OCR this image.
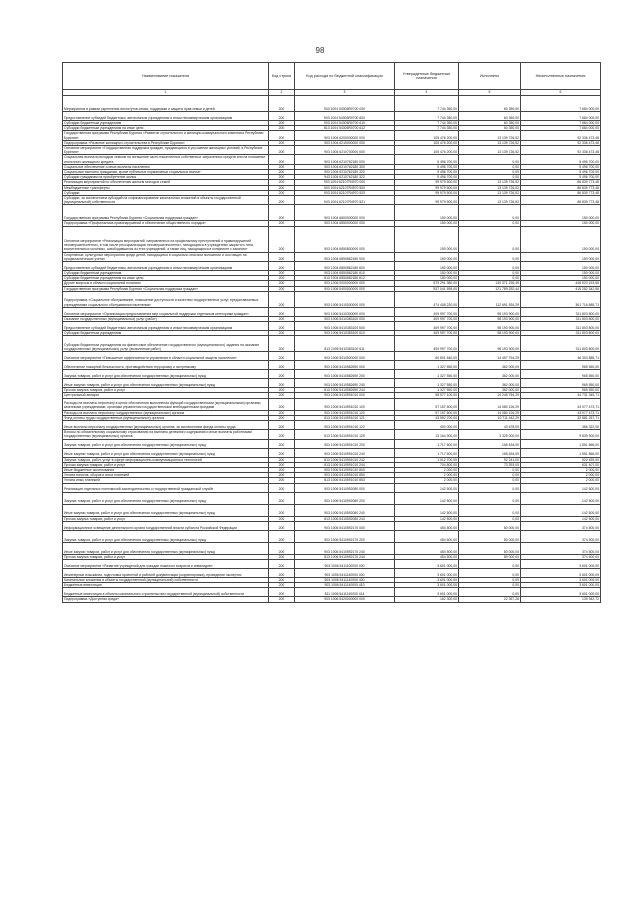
98
Наименование показателя	Код строки	Код расхода по бюджетной классификации	Утвержденные бюджетные назначения	Исполнено	Неисполненные назначения
1	2	3	4	5	6
Мероприятия в рамках укрепления институтов семьи, поддержки и защиты прав семьи и детей	200	903 1004 54306R0700 000	7 744 350,00	60 350,00	7 684 000,00
Предоставление субсидий бюджетным, автономным учреждениям и иным некоммерческим организациям	200	903 1004 54306R0700 600	7 744 350,00	60 350,00	7 684 000,00
Субсидии бюджетным учреждениям	200	903 1004 54306R0700 610	7 744 350,00	60 350,00	7 684 000,00
Субсидии бюджетным учреждениям на иные цели	200	813 1004 54306R0700 612	7 744 350,00	60 350,00	7 684 000,00
Государственная программа Республики Бурятия «Развитие строительного и жилищно-коммунального комплекса Республики Бурятия»	200	903 1004 6200000000 000	105 476 200,00	13 139 726,52	92 336 473,48
Подпрограмма «Развитие жилищного строительства в Республике Бурятия»	200	903 1004 6210000000 000	105 476 200,00	13 139 726,52	92 336 473,48
Основное мероприятие «Государственная поддержка граждан, нуждающихся в улучшении жилищных условий, в Республике Бурятия»	200	903 1004 6210700000 000	105 476 200,00	13 139 726,52	92 336 473,48
Социальная выплата молодым семьям на погашение части накопленных собственных затраченных средств или на погашение ипотечного жилищного кредита	200	903 1004 6210762180 000	5 496 700,00	0,00	5 496 700,00
Социальное обеспечение и иные выплаты населению	200	903 1004 6210762180 300	5 496 700,00	0,00	5 496 700,00
Социальные выплаты гражданам, кроме публичных нормативных социальных выплат	200	903 1004 6210762180 320	5 496 700,00	0,00	5 496 700,00
Субсидии гражданам на приобретение жилья	200	943 1004 6210762180 322	5 496 700,00	0,00	5 496 700,00
Реализация мероприятий по обеспечению жильем молодых семей	200	903 1004 62107R4970 000	99 979 500,00	13 139 726,52	86 839 773,48
Межбюджетные трансферты	200	903 1004 62107R4970 500	99 979 500,00	13 139 726,52	86 839 773,48
Субсидии	200	903 1004 62107R4970 520	99 979 500,00	13 139 726,52	86 839 773,48
Субсидии, за исключением субсидий на софинансирование капитальных вложений в объекты государственной (муниципальной) собственности	200	943 1004 62107R4970 521	99 979 500,00	13 139 726,52	86 839 773,48
Государственная программа Республики Бурятия «Социальная поддержка граждан»	200	903 1004 6800000000 000	150 000,00	0,00	150 000,00
Подпрограмма «Профилактика правонарушений и обеспечение общественного порядка»	200	903 1004 6850000000 000	150 000,00	0,00	150 000,00
Основное мероприятие «Реализация мероприятий, направленных на профилактику преступлений и правонарушений несовершеннолетних, в том числе ресоциализацию несовершеннолетних, находящихся в учреждениях закрытого типа, воспитательных колониях, освободившихся из этих учреждений, а также лиц, находящихся в конфликте с законом»	200	903 1004 6850800000 000	150 000,00	0,00	150 000,00
Спортивные, культурные мероприятия среди детей, находящихся в социально опасном положении и состоящих на профилактических учетах	200	903 1004 6850862180 000	150 000,00	0,00	150 000,00
Предоставление субсидий бюджетным, автономным учреждениям и иным некоммерческим организациям	200	903 1004 6850862180 600	150 000,00	0,00	150 000,00
Субсидии бюджетным учреждениям	200	903 1004 6850862180 610	150 000,00	0,00	150 000,00
Субсидии бюджетным учреждениям на иные цели	200	813 1004 6850862180 612	150 000,00	0,00	150 000,00
Другие вопросы в области социальной политики	200	903 1006 0000000000 000	579 291 380,00	130 371 226,45	448 920 153,55
Государственная программа Республики Бурятия «Социальная поддержка граждан»	200	903 1006 5400000000 000	537 041 595,00	121 789 252,44	415 252 342,56
Подпрограмма «Социальное обслуживание, повышение доступности и качества государственных услуг, предоставляемых учреждениями социального обслуживания населения»	200	903 1006 5410000000 000	474 408 220,00	112 691 534,29	361 716 685,71
Основное мероприятие «Организация предоставления мер социальной поддержки отдельным категориям граждан»	200	903 1006 5410300000 000	409 997 700,00	98 193 900,00	311 803 800,00
Оказание государственных (муниципальных) услуг (работ)	200	903 1006 5410383100 000	409 997 700,00	98 193 900,00	311 803 800,00
Предоставление субсидий бюджетным, автономным учреждениям и иным некоммерческим организациям	200	903 1006 5410383100 600	409 997 700,00	98 193 900,00	311 803 800,00
Субсидии бюджетным учреждениям	200	903 1006 5410383100 610	409 997 700,00	98 193 900,00	311 803 800,00
Субсидии бюджетным учреждениям на финансовое обеспечение государственного (муниципального) задания на оказание государственных (муниципальных) услуг (выполнение работ)	200	813 1006 5410383100 611	409 997 700,00	98 193 900,00	311 803 800,00
Основное мероприятие «Повышение эффективности управления в области социальной защиты населения»	200	903 1006 5410500000 000	60 801 640,00	14 497 754,29	46 303 885,71
Обеспечение пожарной безопасности, противодействия терроризму и экстремизму	200	903 1006 5410582690 000	1 327 550,00	362 000,00	965 550,00
Закупка товаров, работ и услуг для обеспечения государственных (муниципальных) нужд	200	903 1006 5410582690 200	1 327 550,00	362 000,00	965 550,00
Иные закупки товаров, работ и услуг для обеспечения государственных (муниципальных) нужд	200	903 1006 5410582690 240	1 327 550,00	362 000,00	965 550,00
Прочая закупка товаров, работ и услуг	200	813 1006 5410582690 244	1 327 550,00	362 000,00	965 550,00
Центральный аппарат	200	903 1006 5410591010 000	58 977 100,00	14 245 754,29	44 731 345,71
Расходы на выплаты персоналу в целях обеспечения выполнения функций государственными (муниципальными) органами, казенными учреждениями, органами управления государственными внебюджетными фондами	200	903 1006 5410591010 100	57 157 600,00	14 080 126,29	43 077 473,71
Расходы на выплаты персоналу государственных (муниципальных) органов	200	903 1006 5410591010 120	57 157 600,00	14 080 126,29	43 077 473,71
Фонд оплаты труда государственных (муниципальных) органов	200	813 1006 5410591010 121	43 592 700,00	10 711 442,29	32 881 257,71
Иные выплаты персоналу государственных (муниципальных) органов, за исключением фонда оплаты труда	200	903 1006 5410591010 122	400 000,00	43 678,00	356 322,00
Взносы по обязательному социальному страхованию на выплаты денежного содержания и иные выплаты работникам государственных (муниципальных) органов	200	813 1006 5410591010 129	13 164 900,00	3 325 000,00	9 839 900,00
Закупка товаров, работ и услуг для обеспечения государственных (муниципальных) нужд	200	903 1006 5410591010 200	1 717 500,00	165 634,00	1 551 866,00
Иные закупки товаров, работ и услуг для обеспечения государственных (муниципальных) нужд	200	903 1006 5410591010 240	1 717 500,00	165 634,00	1 551 866,00
Закупка товаров, работ, услуг в сфере информационно-коммуникационных технологий	200	813 1006 5410591010 242	1 012 700,00	92 241,00	920 459,00
Прочая закупка товаров, работ и услуг	200	813 1006 5410591010 244	704 800,00	73 393,00	631 407,00
Иные бюджетные ассигнования	200	903 1006 5410591010 800	2 000,00	0,00	2 000,00
Уплата налогов, сборов и иных платежей	200	903 1006 5410591010 850	2 000,00	0,00	2 000,00
Уплата иных платежей	200	813 1006 5410591010 853	2 000,00	0,00	2 000,00
Реализация отдельных полномочий законодательства о государственной гражданской службе	200	903 1006 5410592080 000	142 500,00	0,00	142 500,00
Закупка товаров, работ и услуг для обеспечения государственных (муниципальных) нужд	200	903 1006 5410592080 200	142 500,00	0,00	142 500,00
Иные закупки товаров, работ и услуг для обеспечения государственных (муниципальных) нужд	200	903 1006 5410592080 240	142 500,00	0,00	142 500,00
Прочая закупка товаров, работ и услуг	200	813 1006 5410592080 244	142 500,00	0,00	142 500,00
Информационное освещение деятельности органа государственной власти субъекта Российской Федерации	200	903 1006 5410592170 000	454 500,00	80 000,00	374 500,00
Закупка товаров, работ и услуг для обеспечения государственных (муниципальных) нужд	200	903 1006 5410592170 200	454 500,00	80 000,00	374 500,00
Иные закупки товаров, работ и услуг для обеспечения государственных (муниципальных) нужд	200	903 1006 5410592170 240	454 500,00	80 000,00	374 500,00
Прочая закупка товаров, работ и услуг	200	813 1006 5410592170 244	454 500,00	80 000,00	374 500,00
Основное мероприятие «Развитие учреждений для граждан пожилого возраста и инвалидов»	200	903 1006 5411100000 000	3 601 000,00	0,00	3 601 000,00
Инженерные изыскания, подготовка проектной и рабочей документации (корректировка), проведение экспертиз	200	903 1006 5411140000 000	3 601 000,00	0,00	3 601 000,00
Капитальные вложения в объекты государственной (муниципальной) собственности	200	903 1006 5411140000 400	3 601 000,00	0,00	3 601 000,00
Бюджетные инвестиции	200	903 1006 5411140000 410	3 601 000,00	0,00	3 601 000,00
Бюджетные инвестиции в объекты капитального строительства государственной (муниципальной) собственности	200	811 1006 5411140000 414	3 601 000,00	0,00	3 601 000,00
Подпрограмма «Доступная среда»	200	903 1006 5420000000 000	162 300,00	22 357,28	139 942,72
